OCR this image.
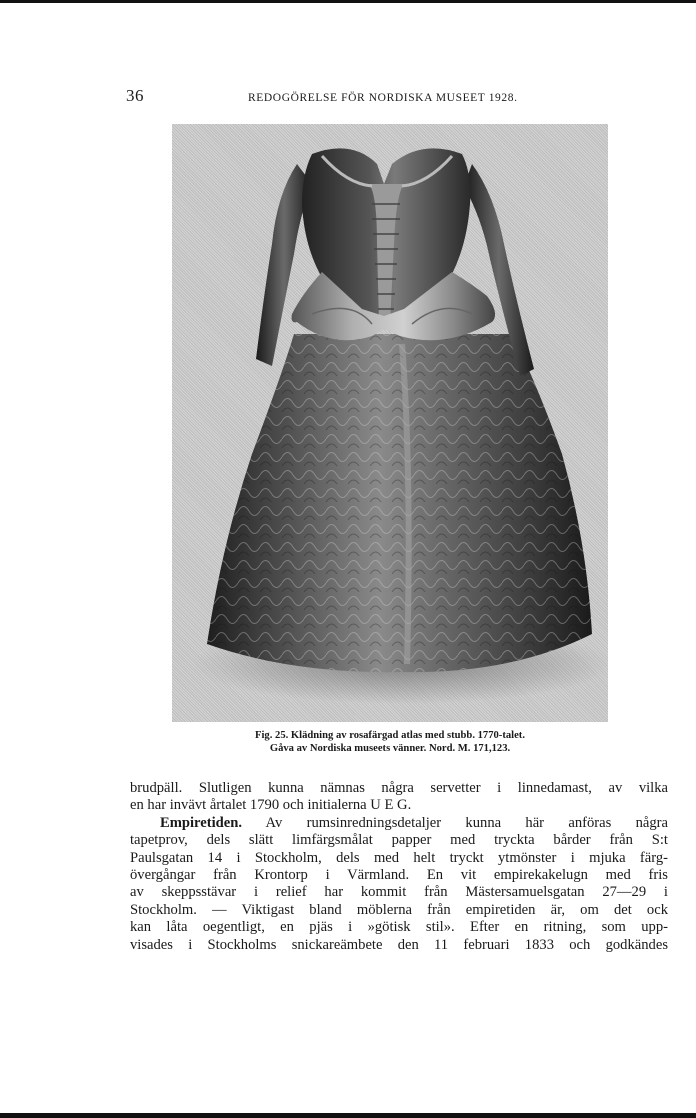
36	REDOGÖRELSE FÖR NORDISKA MUSEET 1928.
Fig. 25. Klädning av rosafärgad atlas med stubb. 1770-talet.
Gåva av Nordiska museets vänner. Nord. M. 171,123.
brudpäll. Slutligen kunna nämnas några servetter i linnedamast, av vilka
en har invävt årtalet 1790 och initialerna U E G.
Empiretiden. Av rumsinredningsdetaljer kunna här anföras några
tapetprov, dels slätt limfärgsmålat papper med tryckta bårder från S:t
Paulsgatan 14 i Stockholm, dels med helt tryckt ytmönster i mjuka färg-
övergångar från Krontorp i Värmland. En vit empirekakelugn med fris
av skeppsstävar i relief har kommit från Mästersamuelsgatan 27—29 i
Stockholm. — Viktigast bland möblerna från empiretiden är, om det ock
kan låta oegentligt, en pjäs i »götisk stil». Efter en ritning, som upp-
visades i Stockholms snickareämbete den 11 februari 1833 och godkändes
